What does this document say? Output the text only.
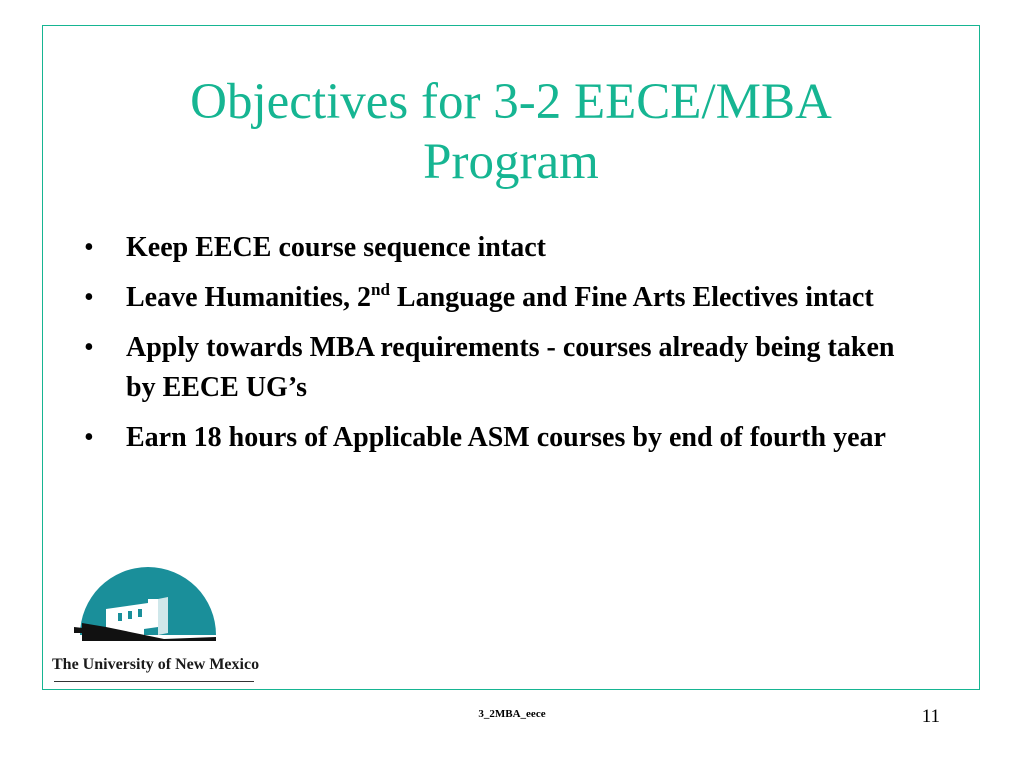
Objectives for 3-2 EECE/MBA
Program
• Keep EECE course sequence intact
• Leave Humanities, 2nd Language and Fine Arts Electives intact
• Apply towards MBA requirements - courses already being taken by EECE UG’s
• Earn 18 hours of Applicable ASM courses by end of fourth year
The University of New Mexico
3_2MBA_eece	11
